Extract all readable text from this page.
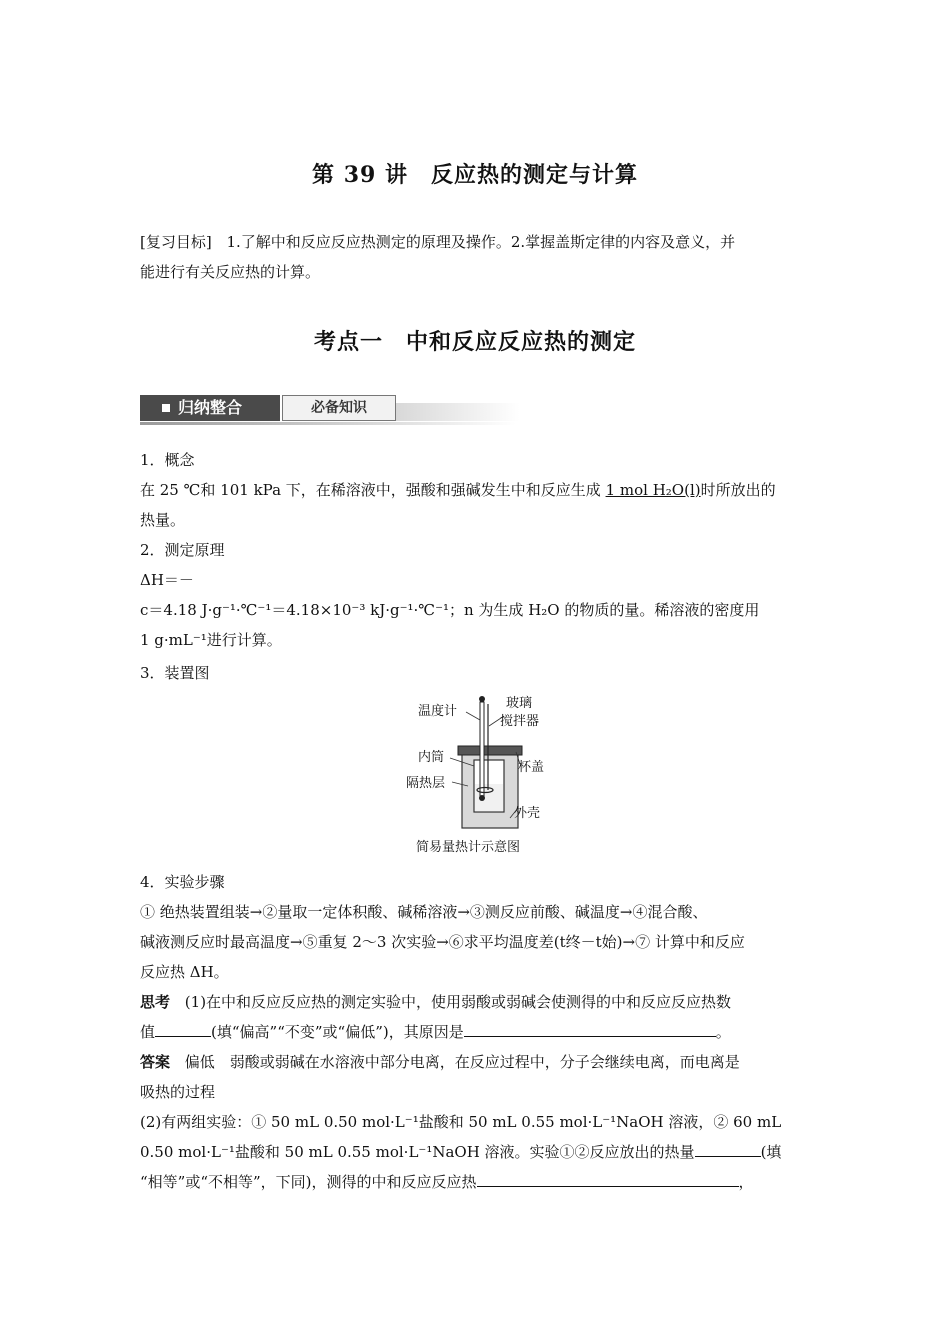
第 39 讲　反应热的测定与计算
[复习目标] 1.了解中和反应反应热测定的原理及操作。2.掌握盖斯定律的内容及意义，并
能进行有关反应热的计算。
考点一　中和反应反应热的测定
归纳整合	必备知识
1．概念
在 25 ℃和 101 kPa 下，在稀溶液中，强酸和强碱发生中和反应生成 1 mol H₂O(l)时所放出的
热量。
2．测定原理
ΔH＝－
c＝4.18 J·g⁻¹·℃⁻¹＝4.18×10⁻³ kJ·g⁻¹·℃⁻¹；n 为生成 H₂O 的物质的量。稀溶液的密度用
1 g·mL⁻¹进行计算。
3．装置图
温度计
玻璃
搅拌器
内筒
杯盖
隔热层
外壳
简易量热计示意图
4．实验步骤
① 绝热装置组装→②量取一定体积酸、碱稀溶液→③测反应前酸、碱温度→④混合酸、
碱液测反应时最高温度→⑤重复 2～3 次实验→⑥求平均温度差(t终－t始)→⑦ 计算中和反应
反应热 ΔH。
思考 (1)在中和反应反应热的测定实验中，使用弱酸或弱碱会使测得的中和反应反应热数
值	(填“偏高”“不变”或“偏低”)，其原因是	。
答案 偏低　弱酸或弱碱在水溶液中部分电离，在反应过程中，分子会继续电离，而电离是
吸热的过程
(2)有两组实验：① 50 mL 0.50 mol·L⁻¹盐酸和 50 mL 0.55 mol·L⁻¹NaOH 溶液，② 60 mL
0.50 mol·L⁻¹盐酸和 50 mL 0.55 mol·L⁻¹NaOH 溶液。实验①②反应放出的热量	(填
“相等”或“不相等”，下同)，测得的中和反应反应热	，
